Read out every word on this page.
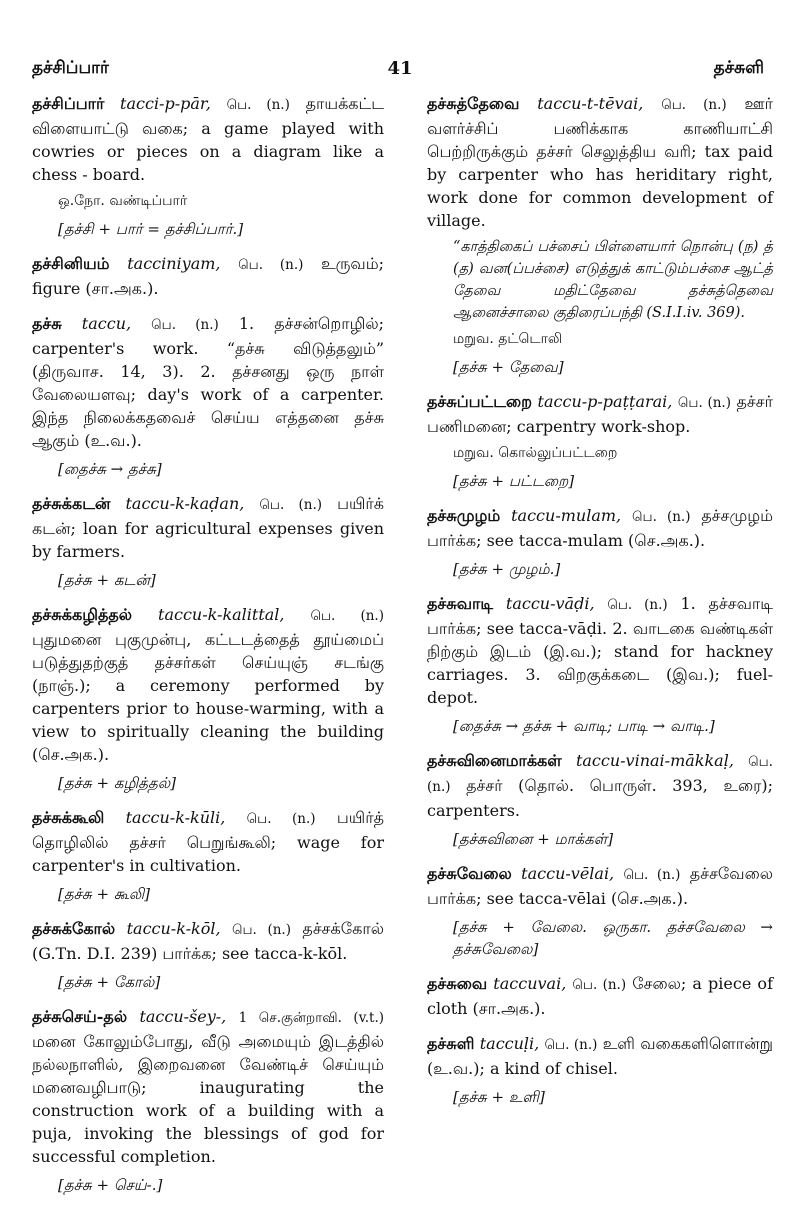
தச்சிப்பார்	41	தச்சுளி
தச்சிப்பார் tacci-p-pār, பெ. (n.) தாயக்கட்ட விளையாட்டு வகை; a game played with cowries or pieces on a diagram like a chess - board.
ஒ.நோ. வண்டிப்பார்
[தச்சி + பார் = தச்சிப்பார்.]
தச்சினியம் tacciniyam, பெ. (n.) உருவம்; figure (சா.அக.).
தச்சு taccu, பெ. (n.) 1. தச்சன்றொழில்; carpenter's work. “தச்சு விடுத்தலும்” (திருவாச. 14, 3). 2. தச்சனது ஒரு நாள் வேலையளவு; day's work of a carpenter. இந்த நிலைக்கதவைச் செய்ய எத்தனை தச்சு ஆகும் (உ.வ.).
[தைச்சு → தச்சு]
தச்சுக்கடன் taccu-k-kaḍan, பெ. (n.) பயிர்க் கடன்; loan for agricultural expenses given by farmers.
[தச்சு + கடன்]
தச்சுக்கழித்தல் taccu-k-kalittal, பெ. (n.) புதுமனை புகுமுன்பு, கட்டடத்தைத் தூய்மைப் படுத்துதற்குத் தச்சர்கள் செய்யுஞ் சடங்கு (நாஞ்.); a ceremony performed by carpenters prior to house-warming, with a view to spiritually cleaning the building (செ.அக.).
[தச்சு + கழித்தல்]
தச்சுக்கூலி taccu-k-kūli, பெ. (n.) பயிர்த் தொழிலில் தச்சர் பெறுங்கூலி; wage for carpenter's in cultivation.
[தச்சு + கூலி]
தச்சுக்கோல் taccu-k-kōl, பெ. (n.) தச்சக்கோல் (G.Tn. D.I. 239) பார்க்க; see tacca-k-kōl.
[தச்சு + கோல்]
தச்சுசெய்-தல் taccu-šey-, 1 செ.குன்றாவி. (v.t.) மனை கோலும்போது, வீடு அமையும் இடத்தில் நல்லநாளில், இறைவனை வேண்டிச் செய்யும் மனைவழிபாடு; inaugurating the construction work of a building with a puja, invoking the blessings of god for successful completion.
[தச்சு + செய்-.]
தச்சுத்தேவை taccu-t-tēvai, பெ. (n.) ஊர் வளர்ச்சிப் பணிக்காக காணியாட்சி பெற்றிருக்கும் தச்சர் செலுத்திய வரி; tax paid by carpenter who has heriditary right, work done for common development of village.
“காத்திகைப் பச்சைப் பிள்ளையார் நொன்பு (ந) த் (த) வன(ப்பச்சை) எடுத்துக் காட்டும்பச்சை ஆட்த் தேவை மதிட்தேவை தச்சுத்தெவை ஆனைச்சாலை குதிரைப்பந்தி (S.I.I.iv. 369).
மறுவ. தட்டொலி
[தச்சு + தேவை]
தச்சுப்பட்டறை taccu-p-paṭṭarai, பெ. (n.) தச்சர் பணிமனை; carpentry work-shop.
மறுவ. கொல்லுப்பட்டறை
[தச்சு + பட்டறை]
தச்சுமுழம் taccu-mulam, பெ. (n.) தச்சமுழம் பார்க்க; see tacca-mulam (செ.அக.).
[தச்சு + முழம்.]
தச்சுவாடி taccu-vāḍi, பெ. (n.) 1. தச்சவாடி பார்க்க; see tacca-vāḍi. 2. வாடகை வண்டிகள் நிற்கும் இடம் (இ.வ.); stand for hackney carriages. 3. விறகுக்கடை (இவ.); fuel-depot.
[தைச்சு → தச்சு + வாடி; பாடி → வாடி.]
தச்சுவினைமாக்கள் taccu-vinai-mākkaḷ, பெ. (n.) தச்சர் (தொல். பொருள். 393, உரை); carpenters.
[தச்சுவினை + மாக்கள்]
தச்சுவேலை taccu-vēlai, பெ. (n.) தச்சவேலை பார்க்க; see tacca-vēlai (செ.அக.).
[தச்சு + வேலை. ஒருகா. தச்சவேலை → தச்சுவேலை]
தச்சுவை taccuvai, பெ. (n.) சேலை; a piece of cloth (சா.அக.).
தச்சுளி taccuḷi, பெ. (n.) உளி வகைகளிளொன்று (உ.வ.); a kind of chisel.
[தச்சு + உளி]
